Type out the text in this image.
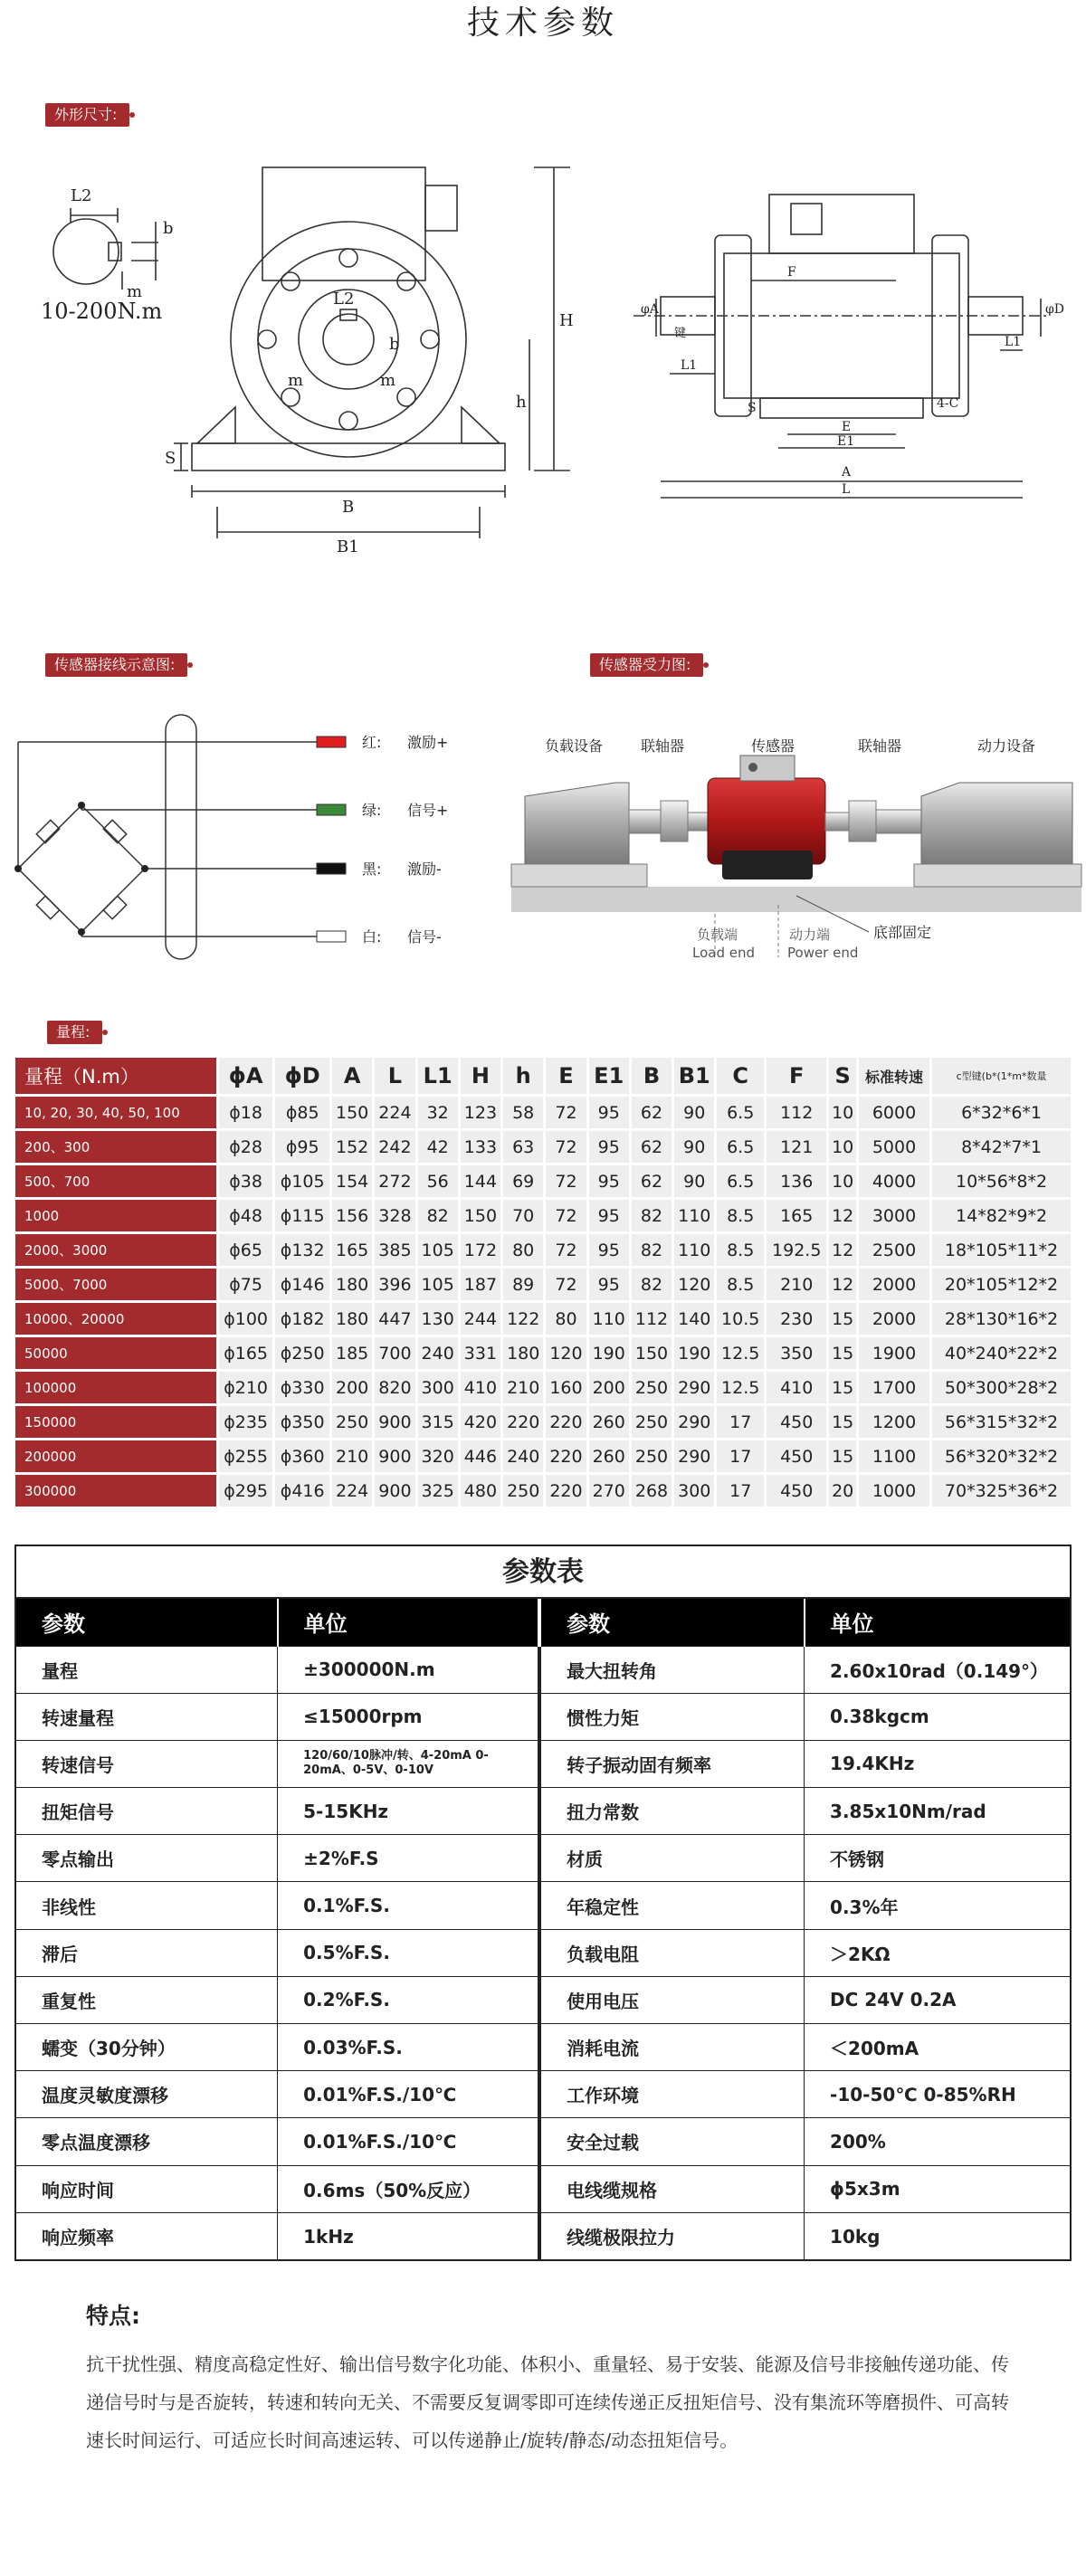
技术参数
外形尺寸:
传感器接线示意图:	传感器受力图:
量程:
L2
b
m
10-200N.m	L2
b
m	m
H
h
S
B
B1
F
φA	φD
键
L1
L1
4-C
E
E1
A
L
S
红: 激励+
绿: 信号+
黑: 激励-
白: 信号-
负载设备	联轴器	传感器	联轴器	动力设备
底部固定
负载端
Load end
动力端
Power end
量程（N.m）	ϕA	ϕD	A	L	L1	H	h	E	E1	B	B1	C	F	S	标准转速	c型键(b*(1*m*数量
10, 20, 30, 40, 50, 100	ϕ18	ϕ85	150	224	32	123	58	72	95	62	90	6.5	112	10	6000	6*32*6*1
200、300	ϕ28	ϕ95	152	242	42	133	63	72	95	62	90	6.5	121	10	5000	8*42*7*1
500、700	ϕ38	ϕ105	154	272	56	144	69	72	95	62	90	6.5	136	10	4000	10*56*8*2
1000	ϕ48	ϕ115	156	328	82	150	70	72	95	82	110	8.5	165	12	3000	14*82*9*2
2000、3000	ϕ65	ϕ132	165	385	105	172	80	72	95	82	110	8.5	192.5	12	2500	18*105*11*2
5000、7000	ϕ75	ϕ146	180	396	105	187	89	72	95	82	120	8.5	210	12	2000	20*105*12*2
10000、20000	ϕ100	ϕ182	180	447	130	244	122	80	110	112	140	10.5	230	15	2000	28*130*16*2
50000	ϕ165	ϕ250	185	700	240	331	180	120	190	150	190	12.5	350	15	1900	40*240*22*2
100000	ϕ210	ϕ330	200	820	300	410	210	160	200	250	290	12.5	410	15	1700	50*300*28*2
150000	ϕ235	ϕ350	250	900	315	420	220	220	260	250	290	17	450	15	1200	56*315*32*2
200000	ϕ255	ϕ360	210	900	320	446	240	220	260	250	290	17	450	15	1100	56*320*32*2
300000	ϕ295	ϕ416	224	900	325	480	250	220	270	268	300	17	450	20	1000	70*325*36*2
参数表
参数	单位	参数	单位
量程	±300000N.m	最大扭转角	2.60x10rad（0.149°）
转速量程	≤15000rpm	惯性力矩	0.38kgcm
转速信号	120/60/10脉冲/转、4-20mA 0-20mA、0-5V、0-10V	转子振动固有频率	19.4KHz
扭矩信号	5-15KHz	扭力常数	3.85x10Nm/rad
零点输出	±2%F.S	材质	不锈钢
非线性	0.1%F.S.	年稳定性	0.3%年
滞后	0.5%F.S.	负载电阻	＞2KΩ
重复性	0.2%F.S.	使用电压	DC 24V 0.2A
蠕变（30分钟）	0.03%F.S.	消耗电流	＜200mA
温度灵敏度漂移	0.01%F.S./10℃	工作环境	-10-50℃ 0-85%RH
零点温度漂移	0.01%F.S./10℃	安全过载	200%
响应时间	0.6ms（50%反应）	电线缆规格	ϕ5x3m
响应频率	1kHz	线缆极限拉力	10kg
特点:
抗干扰性强、精度高稳定性好、输出信号数字化功能、体积小、重量轻、易于安装、能源及信号非接触传递功能、传递信号时与是否旋转，转速和转向无关、不需要反复调零即可连续传递正反扭矩信号、没有集流环等磨损件、可高转速长时间运行、可适应长时间高速运转、可以传递静止/旋转/静态/动态扭矩信号。
